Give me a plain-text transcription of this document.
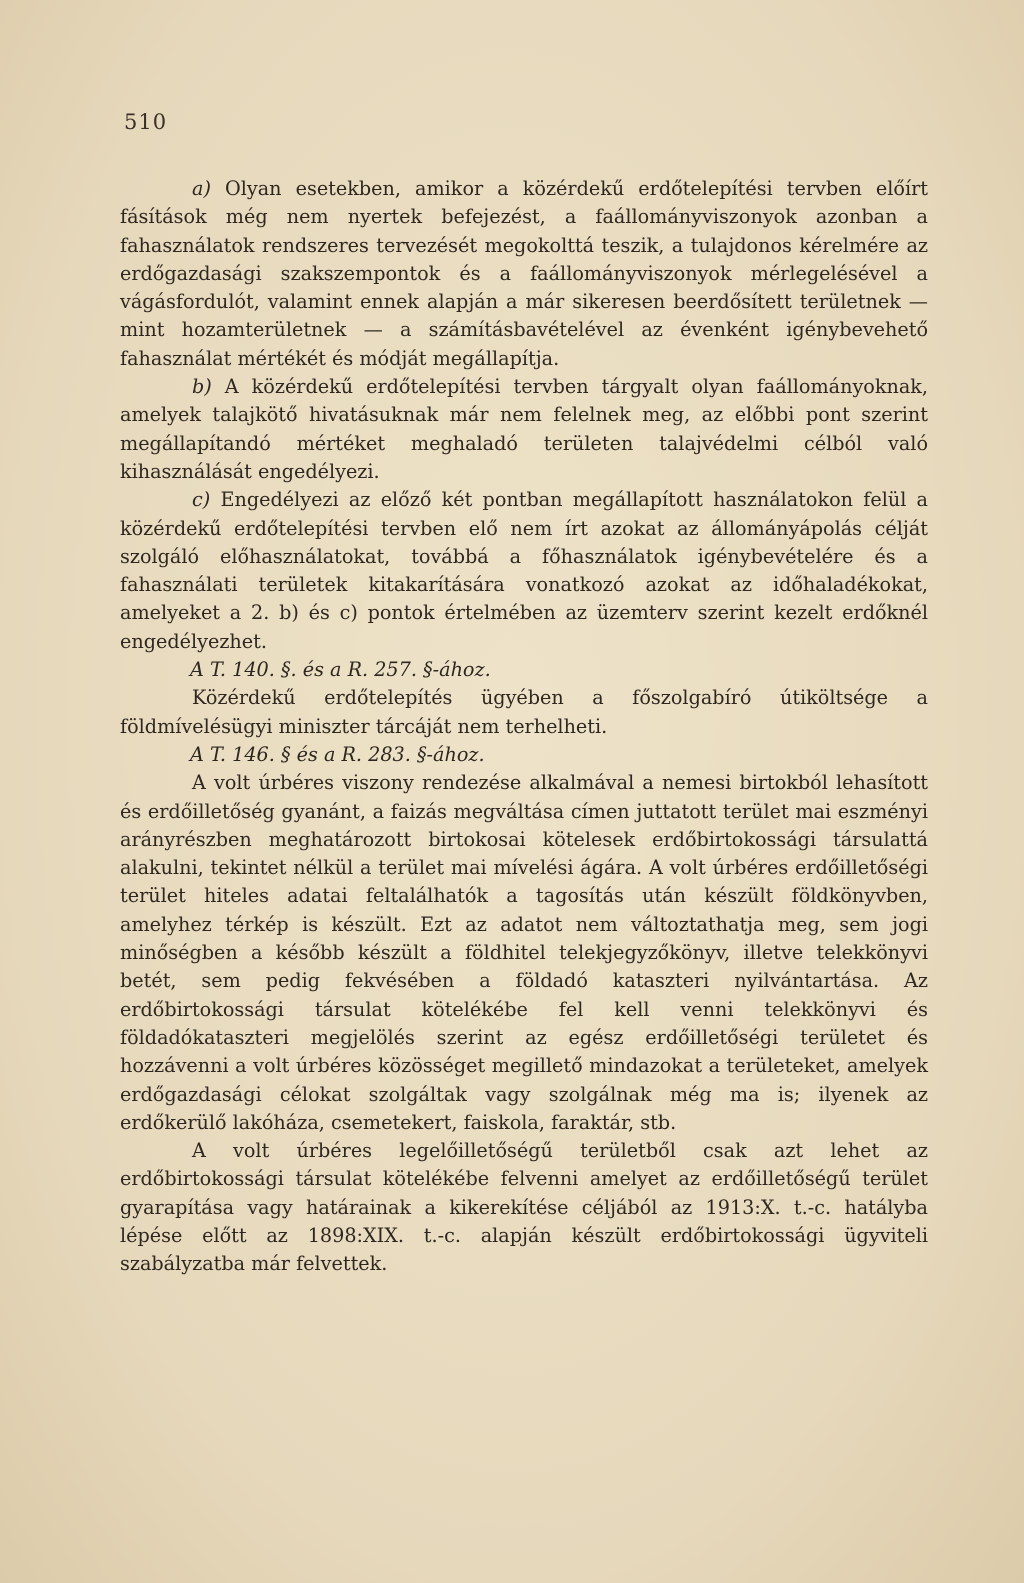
510

a) Olyan esetekben, amikor a közérdekű erdőtelepítési tervben előírt fásítások még nem nyertek befejezést, a faállományviszonyok azonban a fahasználatok rendszeres tervezését megokolttá teszik, a tulajdonos kérelmére az erdőgazdasági szakszempontok és a faállományviszonyok mérlegelésével a vágásfordulót, valamint ennek alapján a már sikeresen beerdősített területnek — mint hozamterületnek — a számításbavételével az évenként igénybevehető fahasználat mértékét és módját megállapítja.

b) A közérdekű erdőtelepítési tervben tárgyalt olyan faállományoknak, amelyek talajkötő hivatásuknak már nem felelnek meg, az előbbi pont szerint megállapítandó mértéket meghaladó területen talajvédelmi célból való kihasználását engedélyezi.

c) Engedélyezi az előző két pontban megállapított használatokon felül a közérdekű erdőtelepítési tervben elő nem írt azokat az állományápolás célját szolgáló előhasználatokat, továbbá a főhasználatok igénybevételére és a fahasználati területek kitakarítására vonatkozó azokat az időhaladékokat, amelyeket a 2. b) és c) pontok értelmében az üzemterv szerint kezelt erdőknél engedélyezhet.

A T. 140. §. és a R. 257. §-ához.

Közérdekű erdőtelepítés ügyében a főszolgabíró útiköltsége a földmívelésügyi miniszter tárcáját nem terhelheti.

A T. 146. § és a R. 283. §-ához.

A volt úrbéres viszony rendezése alkalmával a nemesi birtokból lehasított és erdőilletőség gyanánt, a faizás megváltása címen juttatott terület mai eszményi arányrészben meghatározott birtokosai kötelesek erdőbirtokossági társulattá alakulni, tekintet nélkül a terület mai mívelési ágára. A volt úrbéres erdőilletőségi terület hiteles adatai feltalálhatók a tagosítás után készült földkönyvben, amelyhez térkép is készült. Ezt az adatot nem változtathatja meg, sem jogi minőségben a később készült a földhitel telekjegyzőkönyv, illetve telekkönyvi betét, sem pedig fekvésében a földadó kataszteri nyilvántartása. Az erdőbirtokossági társulat kötelékébe fel kell venni telekkönyvi és földadókataszteri megjelölés szerint az egész erdőilletőségi területet és hozzávenni a volt úrbéres közösséget megillető mindazokat a területeket, amelyek erdőgazdasági célokat szolgáltak vagy szolgálnak még ma is; ilyenek az erdőkerülő lakóháza, csemetekert, faiskola, faraktár, stb.

A volt úrbéres legelőilletőségű területből csak azt lehet az erdőbirtokossági társulat kötelékébe felvenni amelyet az erdőilletőségű terület gyarapítása vagy határainak a kikerekítése céljából az 1913:X. t.-c. hatályba lépése előtt az 1898:XIX. t.-c. alapján készült erdőbirtokossági ügyviteli szabályzatba már felvettek.
